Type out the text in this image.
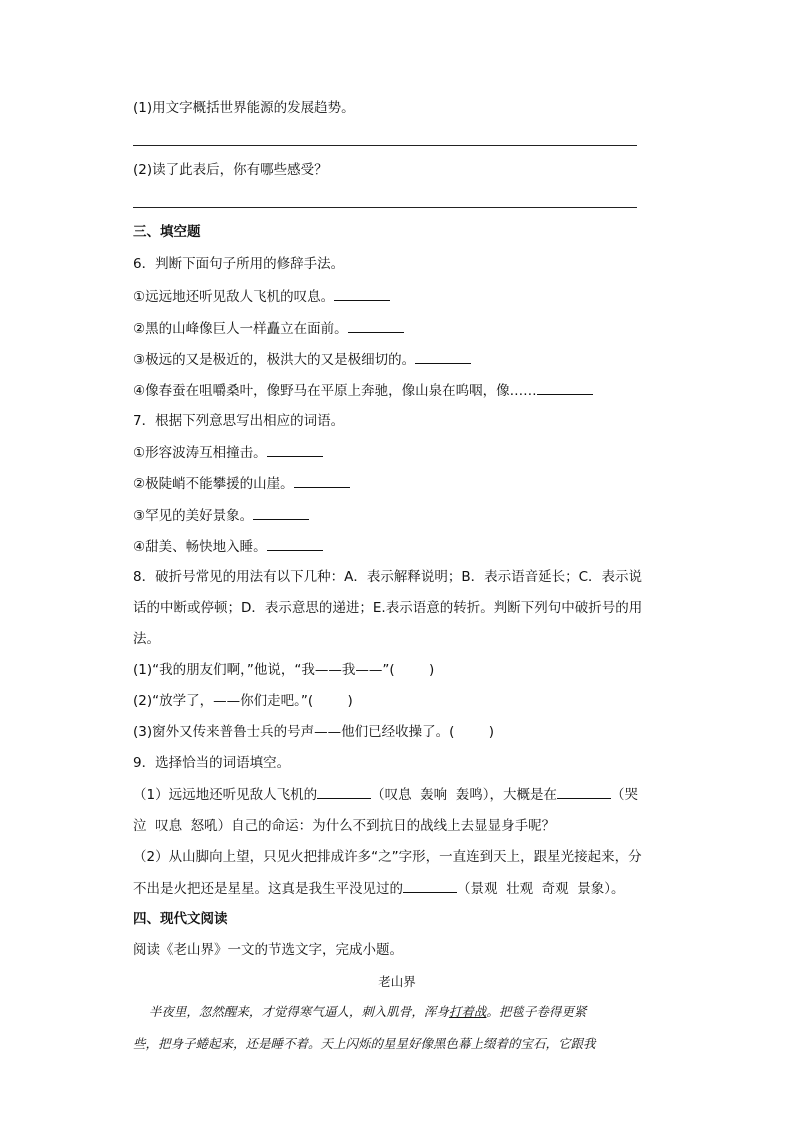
(1)用文字概括世界能源的发展趋势。
(2)读了此表后，你有哪些感受？
三、填空题
6．判断下面句子所用的修辞手法。
①远远地还听见敌人飞机的叹息。
②黑的山峰像巨人一样矗立在面前。
③极远的又是极近的，极洪大的又是极细切的。
④像春蚕在咀嚼桑叶，像野马在平原上奔驰，像山泉在呜咽，像……
7．根据下列意思写出相应的词语。
①形容波涛互相撞击。
②极陡峭不能攀援的山崖。
③罕见的美好景象。
④甜美、畅快地入睡。
8．破折号常见的用法有以下几种：A．表示解释说明；B．表示语音延长；C．表示说
话的中断或停顿；D．表示意思的递进；E.表示语意的转折。判断下列句中破折号的用
法。
(1)“我的朋友们啊，”他说，“我——我——”(        )
(2)“放学了，——你们走吧。”(        )
(3)窗外又传来普鲁士兵的号声——他们已经收操了。(        )
9．选择恰当的词语填空。
（1）远远地还听见敌人飞机的	（叹息  轰响  轰鸣），大概是在	（哭
泣  叹息  怒吼）自己的命运：为什么不到抗日的战线上去显显身手呢？
（2）从山脚向上望，只见火把排成许多“之”字形，一直连到天上，跟星光接起来，分
不出是火把还是星星。这真是我生平没见过的	（景观  壮观  奇观  景象）。
四、现代文阅读
阅读《老山界》一文的节选文字，完成小题。
老山界
半夜里，忽然醒来，才觉得寒气逼人，刺入肌骨，浑身打着战。把毯子卷得更紧
些，把身子蜷起来，还是睡不着。天上闪烁的星星好像黑色幕上缀着的宝石，它跟我
